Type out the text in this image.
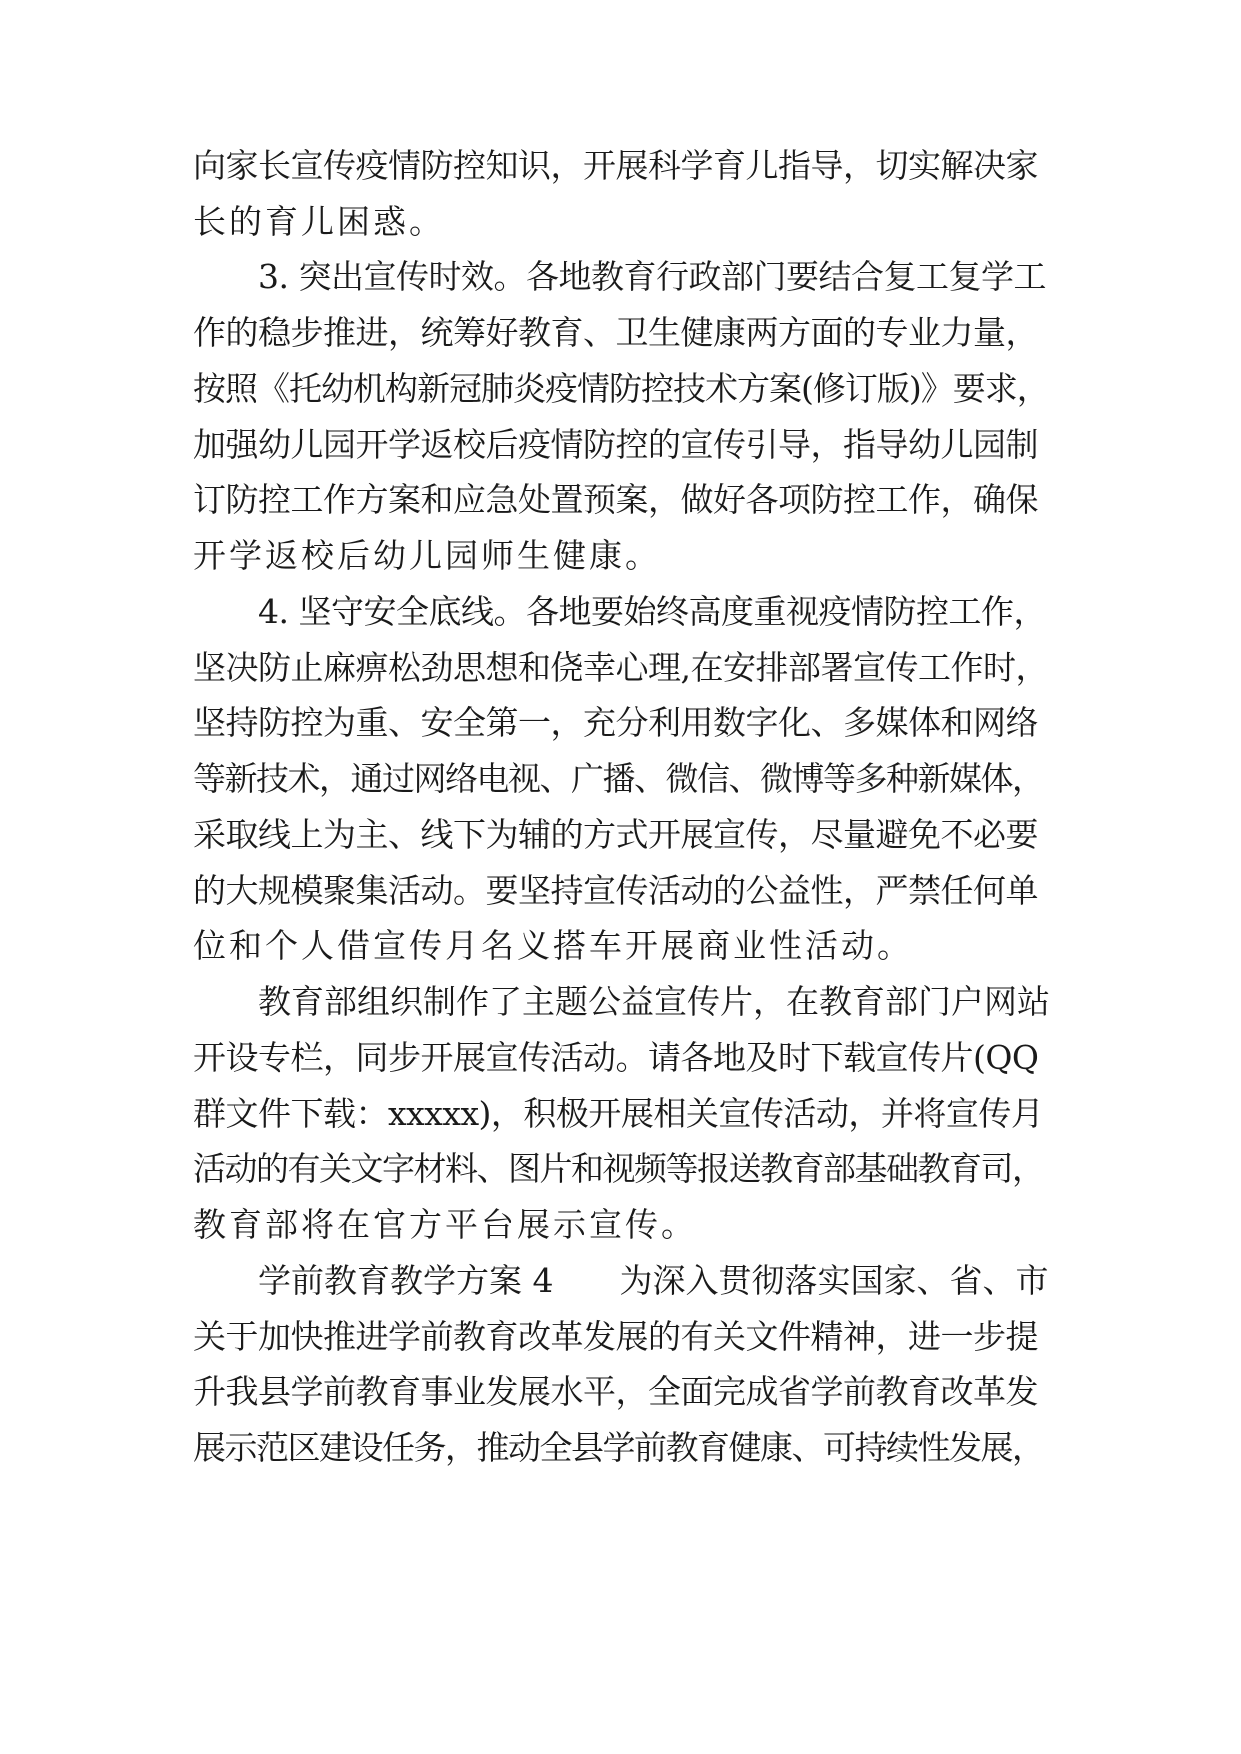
向家长宣传疫情防控知识，开展科学育儿指导，切实解决家
长的育儿困惑。
3. 突出宣传时效。各地教育行政部门要结合复工复学工
作的稳步推进，统筹好教育、卫生健康两方面的专业力量，
按照《托幼机构新冠肺炎疫情防控技术方案(修订版)》要求，
加强幼儿园开学返校后疫情防控的宣传引导，指导幼儿园制
订防控工作方案和应急处置预案，做好各项防控工作，确保
开学返校后幼儿园师生健康。
4. 坚守安全底线。各地要始终高度重视疫情防控工作，
坚决防止麻痹松劲思想和侥幸心理,在安排部署宣传工作时，
坚持防控为重、安全第一，充分利用数字化、多媒体和网络
等新技术，通过网络电视、广播、微信、微博等多种新媒体，
采取线上为主、线下为辅的方式开展宣传，尽量避免不必要
的大规模聚集活动。要坚持宣传活动的公益性，严禁任何单
位和个人借宣传月名义搭车开展商业性活动。
教育部组织制作了主题公益宣传片，在教育部门户网站
开设专栏，同步开展宣传活动。请各地及时下载宣传片(QQ
群文件下载：xxxxx)，积极开展相关宣传活动，并将宣传月
活动的有关文字材料、图片和视频等报送教育部基础教育司，
教育部将在官方平台展示宣传。
学前教育教学方案 4 为深入贯彻落实国家、省、市
关于加快推进学前教育改革发展的有关文件精神，进一步提
升我县学前教育事业发展水平，全面完成省学前教育改革发
展示范区建设任务，推动全县学前教育健康、可持续性发展，
